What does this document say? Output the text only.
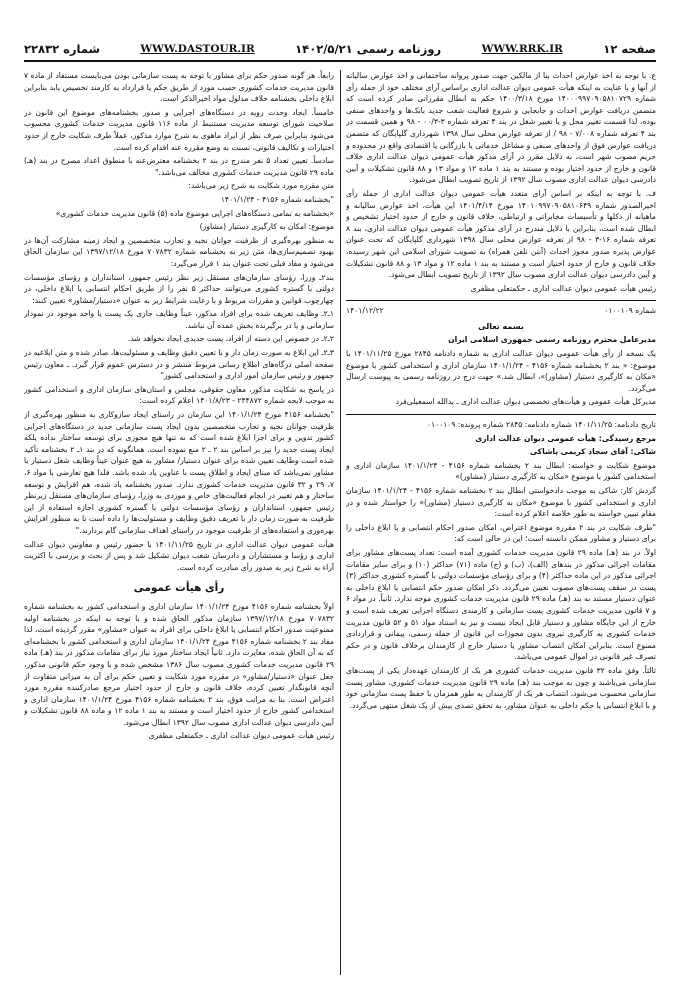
صفحه ۱۲
WWW.RRK.IR
روزنامه رسمی ۱۴۰۲/۵/۲۱
WWW.DASTOUR.IR
شماره ۲۲۸۳۲

ع. با توجه به اخذ عوارض احداث بنا از مالکین جهت صدور پروانه ساختمانی و اخذ عوارض سالیانه از آنها و با عنایت به اینکه هیأت عمومی دیوان عدالت اداری براساس آرای مختلف خود از جمله رأی شماره ۱۴۰۰۰۹۹۷۰۹۰۵۸۱۰۷۲۹ مورخ ۱۴۰۰/۳/۱۸ حکم به ابطال مقرراتی صادر کرده است که متضمن دریافت عوارض احداث و جابجایی و شروع فعالیت شعب جدید بانک‌ها و واحدهای صنفی بوده، لذا قسمت تغییر محل و یا تغییر شغل در بند ۴ تعرفه شماره ۳-۰۰/۳ - ۹۸ و همین قسمت در بند ۴ تعرفه شماره ۷/۰۰۸ - ۹۸ / از تعرفه عوارض محلی سال ۱۳۹۸ شهرداری گلپایگان که متضمن دریافت عوارض فوق از واحدهای صنفی و مشاغل خدماتی یا بازرگانی یا اقتصادی واقع در محدوده و حریم مصوب شهر است، به دلایل مقرر در آرای مذکور هیأت عمومی دیوان عدالت اداری خلاف قانون و خارج از حدود اختیار بوده و مستند به بند ۱ ماده ۱۲ و مواد ۱۳ و ۸۸ قانون تشکیلات و آیین دادرسی دیوان عدالت اداری مصوب سال ۱۳۹۲ از تاریخ تصویب ابطال می‌شود.

ف. با توجه به اینکه بر اساس آرای متعدد هیأت عمومی دیوان عدالت اداری از جمله رأی اخیرالصدور شماره ۱۴۰۱۰۹۹۷۰۹۰۵۸۱۰۶۴۹ مورخ ۱۴۰۱/۴/۱۴ این هیأت، اخذ عوارض سالیانه و ماهیانه از دکلها و تأسیسات مخابراتی و ارتباطی، خلاف قانون و خارج از حدود اختیار تشخیص و ابطال شده است، بنابراین با دلایل مندرج در آرای مذکور هیأت عمومی دیوان عدالت اداری، بند ۸ تعرفه شماره ۱۶-۳ - ۹۸ از تعرفه عوارض محلی سال ۱۳۹۸ شهرداری گلپایگان که تحت عنوان عوارض پذیره صدور مجوز احداث (آنتن تلفن همراه) به تصویب شورای اسلامی این شهر رسیده، خلاف قانون و خارج از حدود اختیار است و مستند به بند ۱ ماده ۱۲ و مواد ۱۳ و ۸۸ قانون تشکیلات و آیین دادرسی دیوان عدالت اداری مصوب سال ۱۳۹۲ از تاریخ تصویب ابطال می‌شود.

رئیس هیأت عمومی دیوان عدالت اداری ـ حکمتعلی مظفری

شماره ۰۱۰۰۱۰۹
۱۴۰۱/۱۲/۲۲
بسمه تعالی

مدیرعامل محترم روزنامه رسمی جمهوری اسلامی ایران

یک نسخه از رأی هیأت عمومی دیوان عدالت اداری به شماره دادنامه ۲۸۴۵ مورخ ۱۴۰۱/۱۱/۲۵ با موضوع: « بند ۲ بخشنامه شماره ۴۱۵۶ - ۱۴۰۱/۱/۲۴ سازمان اداری و استخدامی کشور با موضوع «مکان به کارگیری دستیار (مشاور)»، ابطال شد.» جهت درج در روزنامه رسمی به پیوست ارسال می‌گردد.

مدیرکل هیأت عمومی و هیأت‌های تخصصی دیوان عدالت اداری ـ یدالله اسمعیلی‌فرد

تاریخ دادنامه: ۱۴۰۱/۱۱/۲۵ شماره دادنامه: ۲۸۴۵ شماره پرونده: ۰۱۰۰۱۰۹

مرجع رسیدگی: هیأت عمومی دیوان عدالت اداری

شاکی: آقای سجاد کریمی پاشاکی

موضوع شکایت و خواسته: ابطال بند ۲ بخشنامه شماره ۴۱۵۶ - ۱۴۰۱/۱/۲۴ سازمان اداری و استخدامی کشور با موضوع «مکان به کارگیری دستیار (مشاور)»

گردش کار: شاکی به موجب دادخواستی ابطال بند ۲ بخشنامه شماره ۴۱۵۶ - ۱۴۰۱/۱/۲۴ سازمان اداری و استخدامی کشور با موضوع «مکان به کارگیری دستیار (مشاور)» را خواستار شده و در مقام تبیین خواسته به طور خلاصه اعلام کرده است:

"طرف شکایت در بند ۲ مقرره موضوع اعتراض، امکان صدور احکام انتصابی و یا ابلاغ داخلی را برای دستیار و مشاور ممکن دانسته است؛ این در حالی است که:

اولاً. در بند (هـ) ماده ۲۹ قانون مدیریت خدمات کشوری آمده است: تعداد پست‌های مشاور برای مقامات اجرائی مذکور در بندهای (الف)، (ب) و (ج) ماده (۷۱) حداکثر (۱۰) و برای سایر مقامات اجرائی مذکور در این ماده حداکثر (۴) و برای رؤسای مؤسسات دولتی با گستره کشوری حداکثر (۳) پست در سقف پست‌های مصوب تعیین می‌گردد. ذکر امکان صدور حکم انتصابی یا ابلاغ داخلی به عنوان دستیار مستند به بند (هـ) ماده ۲۹ قانون مدیریت خدمات کشوری موجه ندارد. ثانیاً. در مواد ۶ و ۷ قانون مدیریت خدمات کشوری پست سازمانی و کارمندی دستگاه اجرایی تعریف شده است و خارج از این جایگاه مشاور و دستیار قابل ایجاد نیست و نیز به استناد مواد ۵۱ و ۵۲ قانون مدیریت خدمات کشوری به کارگیری نیروی بدون مجوزات این قانون از جمله رسمی، پیمانی و قراردادی ممنوع است. بنابراین امکان انتصاب مشاور یا دستیار خارج از کارمندان برخلاف قانون و در حکم تصرف غیر قانونی در اموال عمومی می‌باشد.

ثالثاً. وفق ماده ۳۲ قانون مدیریت خدمات کشوری هر یک از کارمندان عهده‌دار یکی از پست‌های سازمانی می‌باشند و چون به موجب بند (هـ) ماده ۲۹ قانون مدیریت خدمات کشوری، مشاور پست سازمانی محسوب می‌شود، انتصاب هر یک از کارمندان به طور همزمان با حفظ پست سازمانی خود و با ابلاغ انتسابی یا حکم داخلی به عنوان مشاور، به تحقق تصدی بیش از یک شغل منتهی می‌گردد.

رابعاً. هر گونه صدور حکم برای مشاور با توجه به پست سازمانی بودن می‌بایست مستفاد از ماده ۷ قانون مدیریت خدمات کشوری حسب مورد از طریق حکم یا قرارداد به کارمند تخصیص یابد بنابراین ابلاغ داخلی بخشنامه خلاف مدلول مواد اخیرالذکر است.

خامساً. ایجاد وحدت رویه در دستگاه‌های اجرایی و صدور بخشنامه‌های موضوع این قانون در صلاحیت شورای توسعه مدیریت مستنبط از ماده ۱۱۶ قانون مدیریت خدمات کشوری محسوب می‌شود بنابراین صرف نظر از ایراد ماهوی به شرح موارد مذکور، عملاً طرف شکایت خارج از حدود اختیارات و تکالیف قانونی، نسبت به وضع مقرره عنه اقدام کرده است.

سادساً. تعیین تعداد ۵ نفر مندرج در بند ۲ بخشنامه معترض‌عنه با منطوق اعداد مصرح در بند (هـ) ماده ۲۹ قانون مدیریت خدمات کشوری مخالف می‌باشد."

متن مقرره مورد شکایت به شرح زیر می‌باشد:

"بخشنامه شماره ۴۱۵۶ - ۱۴۰۱/۱/۲۴

«بخشنامه به تمامی دستگاه‌های اجرایی موضوع ماده (۵) قانون مدیریت خدمات کشوری»

موضوع: امکان به کارگیری دستیار (مشاور)

به منظور بهره‌گیری از ظرفیت جوانان نخبه و تجارب متخصصین و ایجاد زمینه مشارکت آن‌ها در بهبود تصمیم‌سازی‌ها، متن زیر به بخشنامه شماره ۷۰۷۸۳۲ مورخ ۱۳۹۷/۱۲/۱۸ این سازمان الحاق می‌شود و مفاد قبلی تحت عنوان بند ۱ قرار می‌گیرد:

بند۲ـ وزرا، رؤسای سازمان‌های مستقل زیر نظر رئیس جمهور، استانداران و رؤسای مؤسسات دولتی با گستره کشوری می‌توانند حداکثر ۵ نفر را از طریق احکام انتسابی یا ابلاغ داخلی، در چهارچوب قوانین و مقررات مربوط و با رعایت شرایط زیر به عنوان «دستیار/مشاور» تعیین کنند:

۱ـ۲ـ وظایف تعریف شده برای افراد مذکور، عیناً وظایف جاری یک پست یا واحد موجود در نمودار سازمانی و یا در برگیرنده بخش عمده آن نباشد.

۲ـ۲ـ در خصوص این دسته از افراد، پست جدیدی ایجاد نخواهد شد.

۳ـ۲ـ این ابلاغ به صورت زمان دار و با تعیین دقیق وظایف و مسئولیت‌ها، صادر شده و متن ابلاغیه در صفحه اصلی درگاه‌های اطلاع رسانی مربوط منتشر و در دسترس عموم قرار گیرد. ـ معاون رئیس جمهور و رئیس سازمان امور اداری و استخدامی کشور"

در پاسخ به شکایت مذکور، معاون حقوقی، مجلس و استان‌های سازمان اداری و استخدامی کشور به موجب لایحه شماره ۲۴۴۸۷۲ - ۱۴۰۱/۸/۲۳ اعلام کرده است:

"بخشنامه ۴۱۵۶ مورخ ۱۴۰۱/۱/۲۴ این سازمان در راستای ایجاد سازوکاری به منظور بهره‌گیری از ظرفیت جوانان نخبه و تجارب متخصصین بدون ایجاد پست سازمانی جدید در دستگاه‌های اجرایی کشور تدوین و برای اجرا ابلاغ شده است که نه تنها هیچ مجوزی برای توسعه ساختار نداده بلکه ایجاد پست جدید را نیز بر اساس بند ۲ ـ ۲ منع نموده است. همانگونه که در بند ۱ـ ۲ بخشنامه تأکید شده است وظایف تعیین شده برای عنوان دستیار/ مشاور به هیچ عنوان عیناً وظایف شغل دستیار یا مشاور نمی‌باشد که مبنای ایجاد و اطلاق پست با عناوین یاد شده باشد. فلذا هیچ تعارضی با مواد ۶، ۷، ۲۹ و ۳۲ قانون مدیریت خدمات کشوری ندارد. صدور بخشنامه یاد شده، هم افزایش و توسعه ساختار و هم تغییر در انجام فعالیت‌های خاص و موردی به وزرا، رؤسای سازمان‌های مستقل زیرنظر رئیس جمهور، استانداران و رؤسای مؤسسات دولتی با گستره کشوری اجازه استفاده از این ظرفیت به صورت زمان دار با تعریف دقیق وظایف و مسئولیت‌ها را داده است تا به منظور افزایش بهره‌وری و استفاده‌های از ظرفیت موجود در راستای اهداف سازمانی گام بردارند."

هیأت عمومی دیوان عدالت اداری در تاریخ ۱۴۰۱/۱۱/۲۵ با حضور رئیس و معاونین دیوان عدالت اداری و رؤسا و مستشاران و دادرسان شعب دیوان تشکیل شد و پس از بحث و بررسی با اکثریت آراء به شرح زیر به صدور رأی مبادرت کرده است.

رأی هیأت عمومی

اولاً بخشنامه شماره ۴۱۵۶ مورخ ۱۴۰۱/۱/۲۴ سازمان اداری و استخدامی کشور به بخشنامه شماره ۷۰۷۸۳۲ مورخ ۱۳۹۷/۱۲/۱۸ سازمان مذکور الحاق شده و با توجه به اینکه در بخشنامه اولیه ممنوعیت صدور احکام انتسابی یا ابلاغ داخلی برای افراد به عنوان «مشاور» مقرر گردیده است، لذا مفاد بند ۲ بخشنامه شماره ۴۱۵۶ مورخ ۱۴۰۱/۱/۲۴ سازمان اداری و استخدامی کشور با بخشنامه‌ای که به آن الحاق شده، مغایرت دارد. ثانیاً ایجاد ساختار مورد نیاز برای مقامات مذکور در بند (هـ) ماده ۲۹ قانون مدیریت خدمات کشوری مصوب سال ۱۳۸۶ مشخص شده و با وجود حکم قانونی مذکور، جعل عنوان «دستیار/مشاور» در مقرره مورد شکایت و تعیین حکم برای آن به میزانی متفاوت از آنچه قانونگذار تعیین کرده، خلاف قانون و خارج از حدود اختیار مرجع صادرکننده مقرره مورد اعتراض است. بنا به مراتب فوق، بند ۲ بخشنامه شماره ۴۱۵۶ مورخ ۱۴۰۱/۱/۲۴ سازمان اداری و استخدامی کشور خارج از حدود اختیار است و مستند به بند ۱ ماده ۱۲ و ماده ۸۸ قانون تشکیلات و آیین دادرسی دیوان عدالت اداری مصوب سال ۱۳۹۲ ابطال می‌شود.

رئیس هیأت عمومی دیوان عدالت اداری ـ حکمتعلی مظفری
